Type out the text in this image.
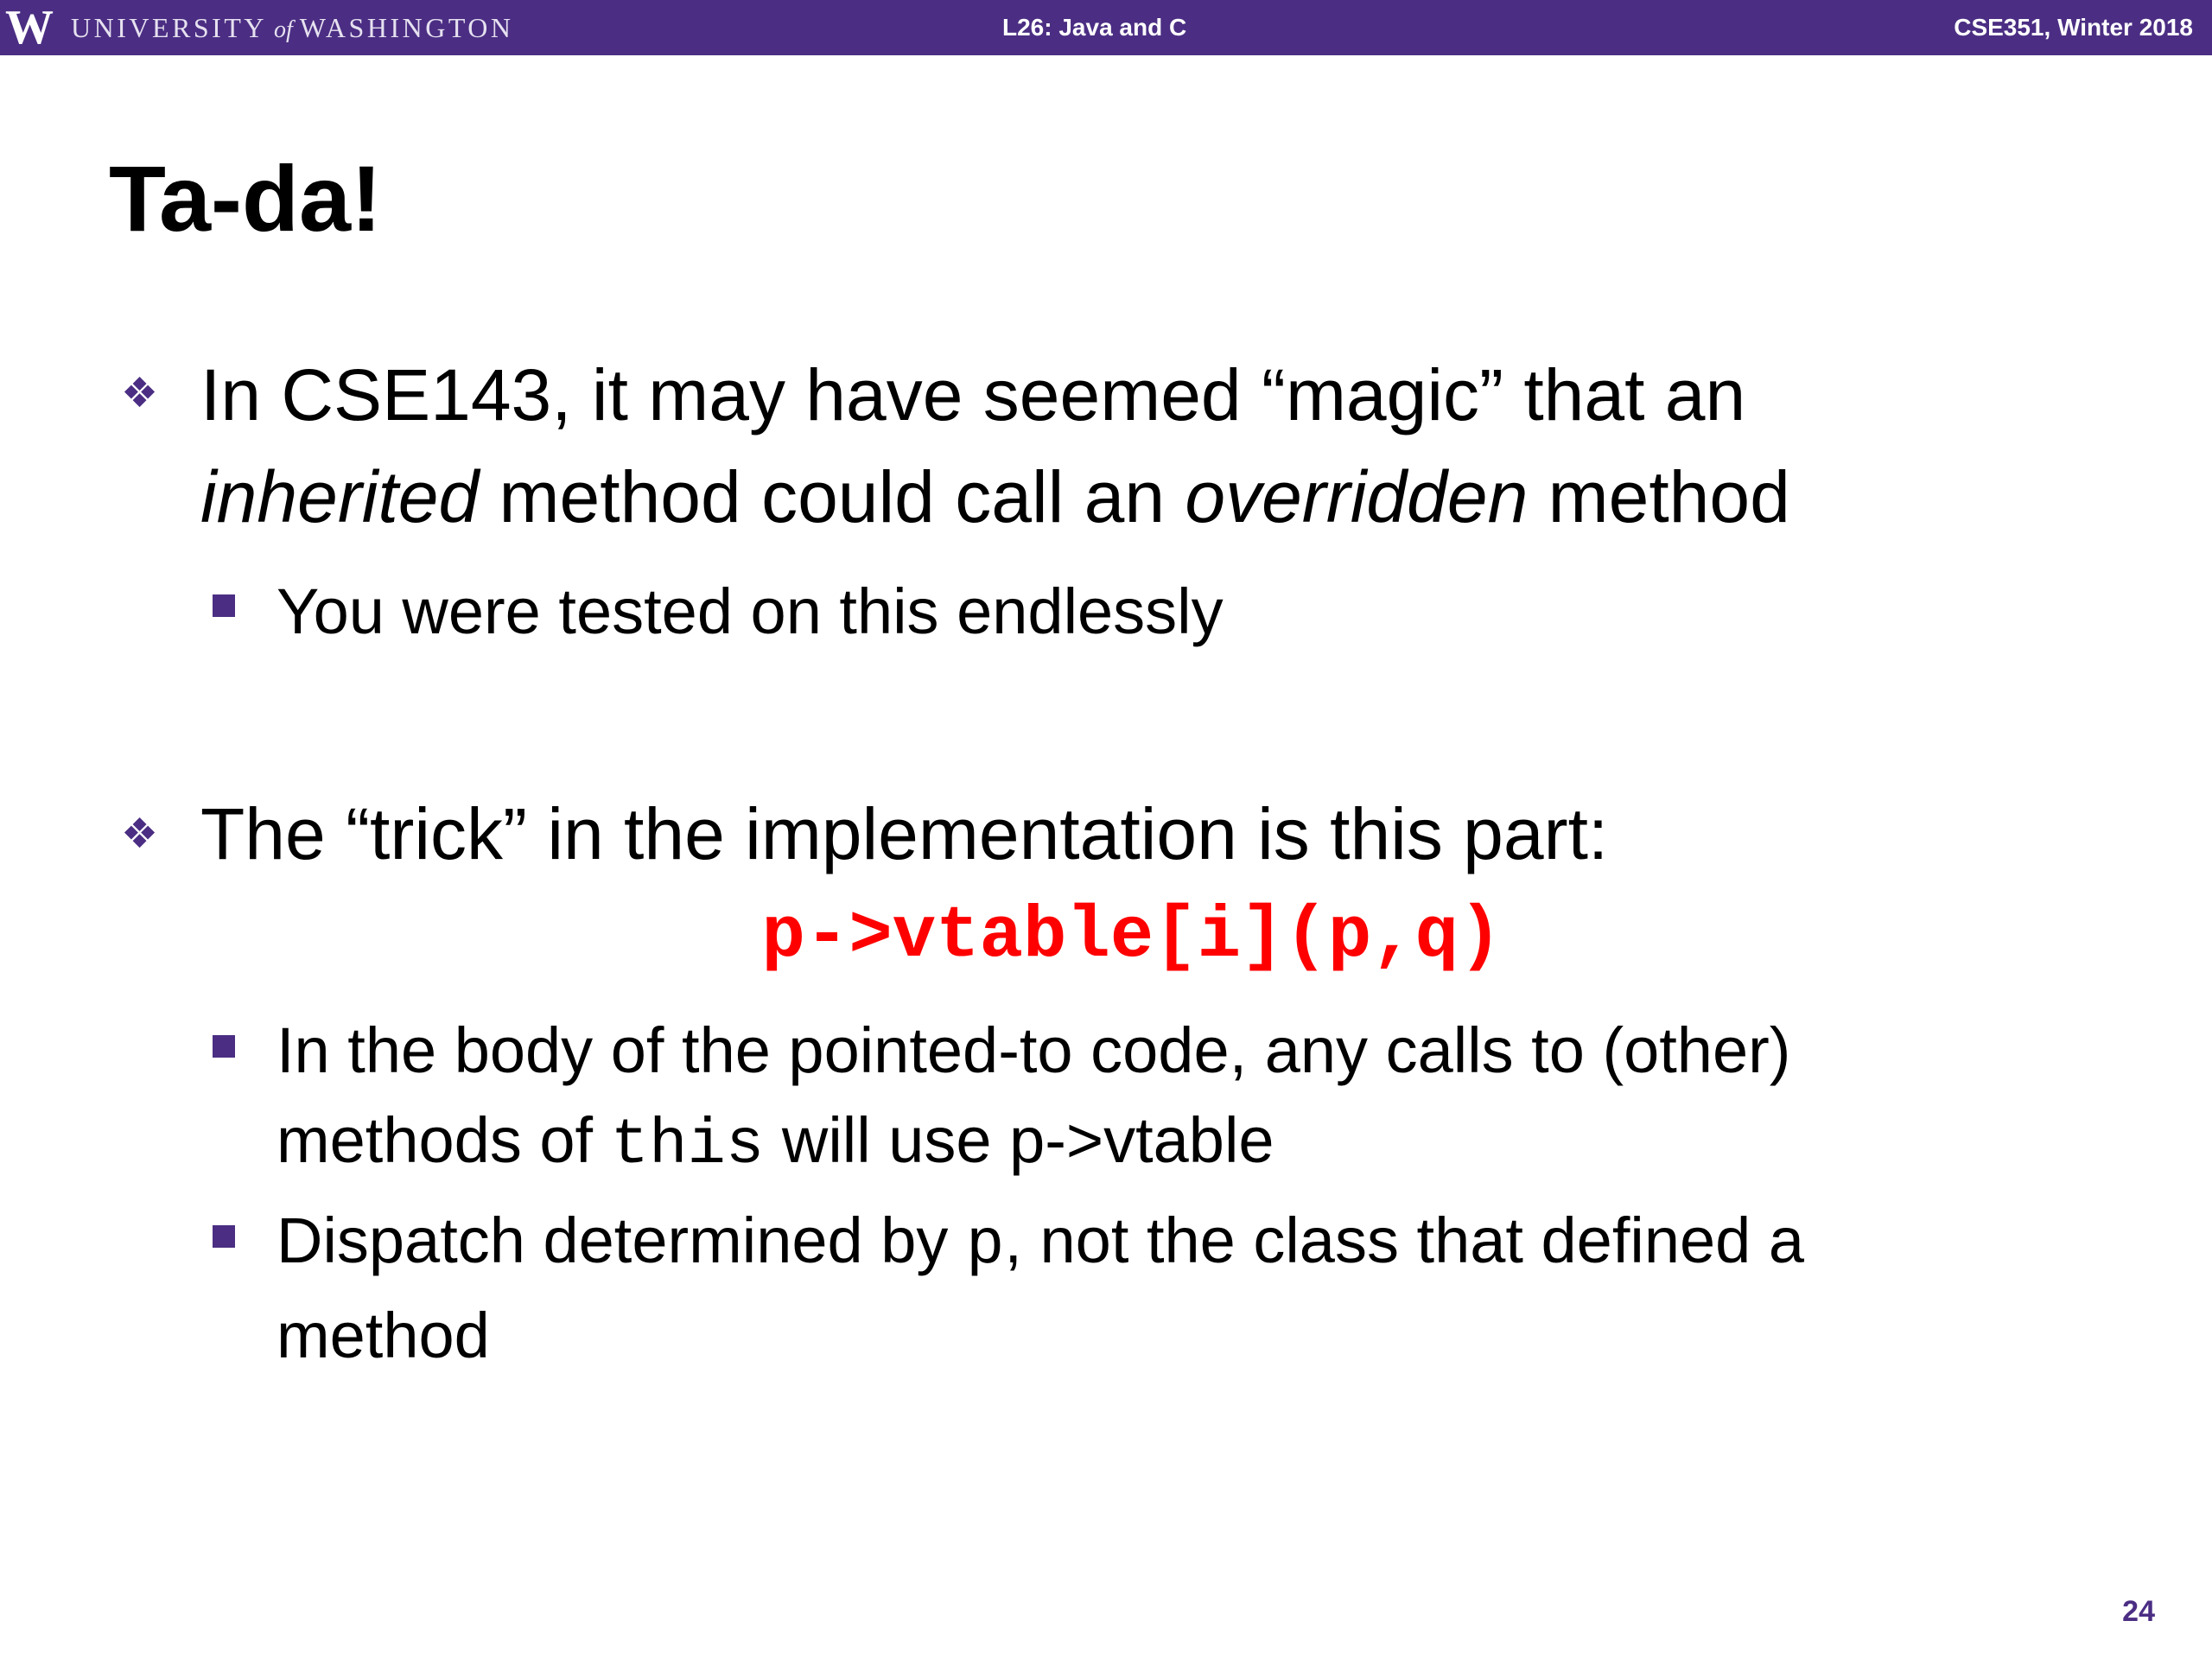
W UNIVERSITY of WASHINGTON	L26: Java and C	CSE351, Winter 2018
Ta-da!
❖ In CSE143, it may have seemed “magic” that an
inherited method could call an overridden method
You were tested on this endlessly
❖ The “trick” in the implementation is this part:
p->vtable[i](p,q)
In the body of the pointed-to code, any calls to (other)
methods of this will use p->vtable
Dispatch determined by p, not the class that defined a
method
24
